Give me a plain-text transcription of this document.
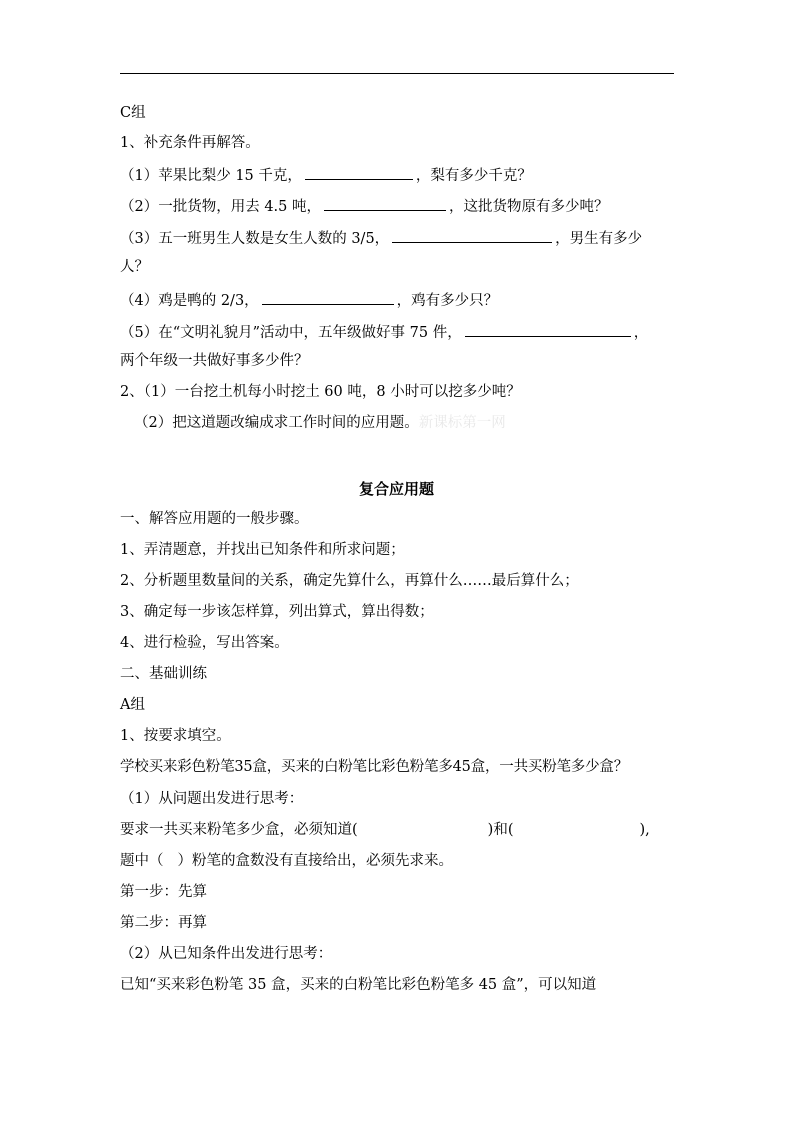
C组
1、补充条件再解答。
（1）苹果比梨少 15 千克，	，梨有多少千克？
（2）一批货物，用去 4.5 吨，	，这批货物原有多少吨？
（3）五一班男生人数是女生人数的 3/5，	，男生有多少
人？
（4）鸡是鸭的 2/3，	，鸡有多少只？
（5）在“文明礼貌月”活动中，五年级做好事 75 件，	，
两个年级一共做好事多少件？
2、（1）一台挖土机每小时挖土 60 吨，8 小时可以挖多少吨？
（2）把这道题改编成求工作时间的应用题。新课标第一网
复合应用题
一、解答应用题的一般步骤。
1、弄清题意，并找出已知条件和所求问题；
2、分析题里数量间的关系，确定先算什么，再算什么……最后算什么；
3、确定每一步该怎样算，列出算式，算出得数；
4、进行检验，写出答案。
二、基础训练
A组
1、按要求填空。
学校买来彩色粉笔35盒，买来的白粉笔比彩色粉笔多45盒，一共买粉笔多少盒？
（1）从问题出发进行思考：
要求一共买来粉笔多少盒，必须知道(	)和(	),
题中（ ）粉笔的盒数没有直接给出，必须先求来。
第一步：先算
第二步：再算
（2）从已知条件出发进行思考：
已知“买来彩色粉笔 35 盒，买来的白粉笔比彩色粉笔多 45 盒”，可以知道
